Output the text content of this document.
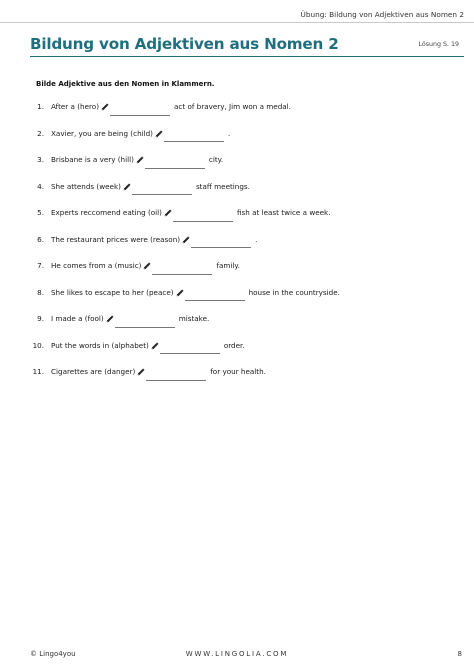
Übung: Bildung von Adjektiven aus Nomen 2
Bildung von Adjektiven aus Nomen 2	Lösung S. 19
Bilde Adjektive aus den Nomen in Klammern.
1. After a (hero)	act of bravery, Jim won a medal.
2. Xavier, you are being (child)	.
3. Brisbane is a very (hill)	city.
4. She attends (week)	staff meetings.
5. Experts reccomend eating (oil)	fish at least twice a week.
6. The restaurant prices were (reason)	.
7. He comes from a (music)	family.
8. She likes to escape to her (peace)	house in the countryside.
9. I made a (fool)	mistake.
10. Put the words in (alphabet)	order.
11. Cigarettes are (danger)	for your health.
© Lingo4you	WWW.LINGOLIA.COM	8
